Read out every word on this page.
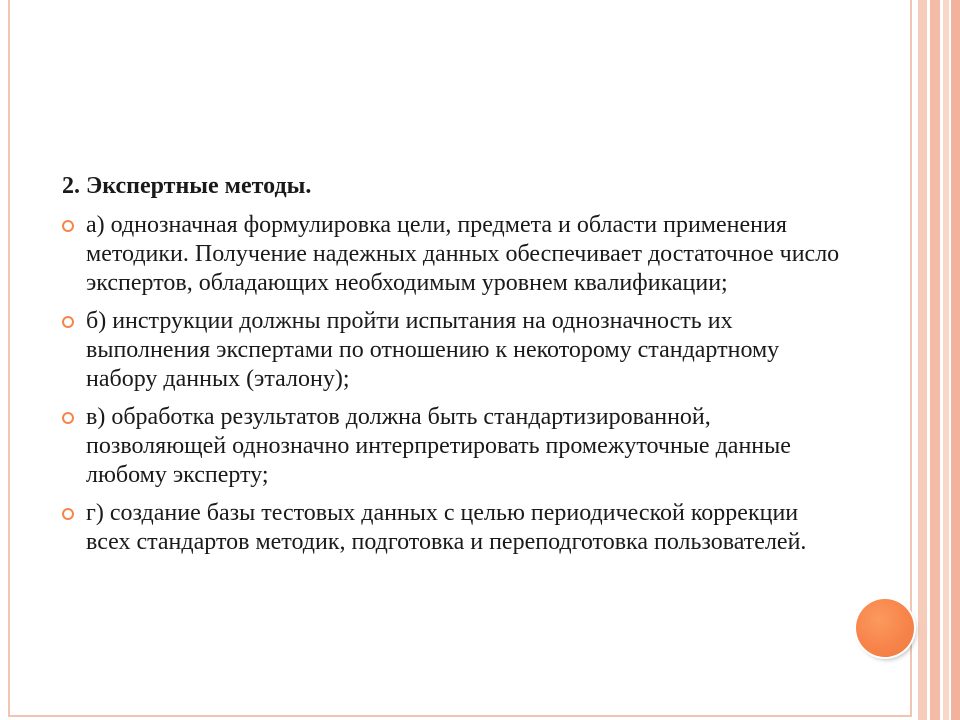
2. Экспертные методы.
а) однозначная формулировка цели, предмета и области применения методики. Получение надежных данных обеспечивает достаточное число экспертов, обладающих необходимым уровнем квалификации;
б) инструкции должны пройти испытания на однозначность их выполнения экспертами по отношению к некоторому стандартному набору данных (эталону);
в) обработка результатов должна быть стандартизированной, позволяющей однозначно интерпретировать промежуточные данные любому эксперту;
г) создание базы тестовых данных с целью периодической коррекции всех стандартов методик, подготовка и переподготовка пользователей.
